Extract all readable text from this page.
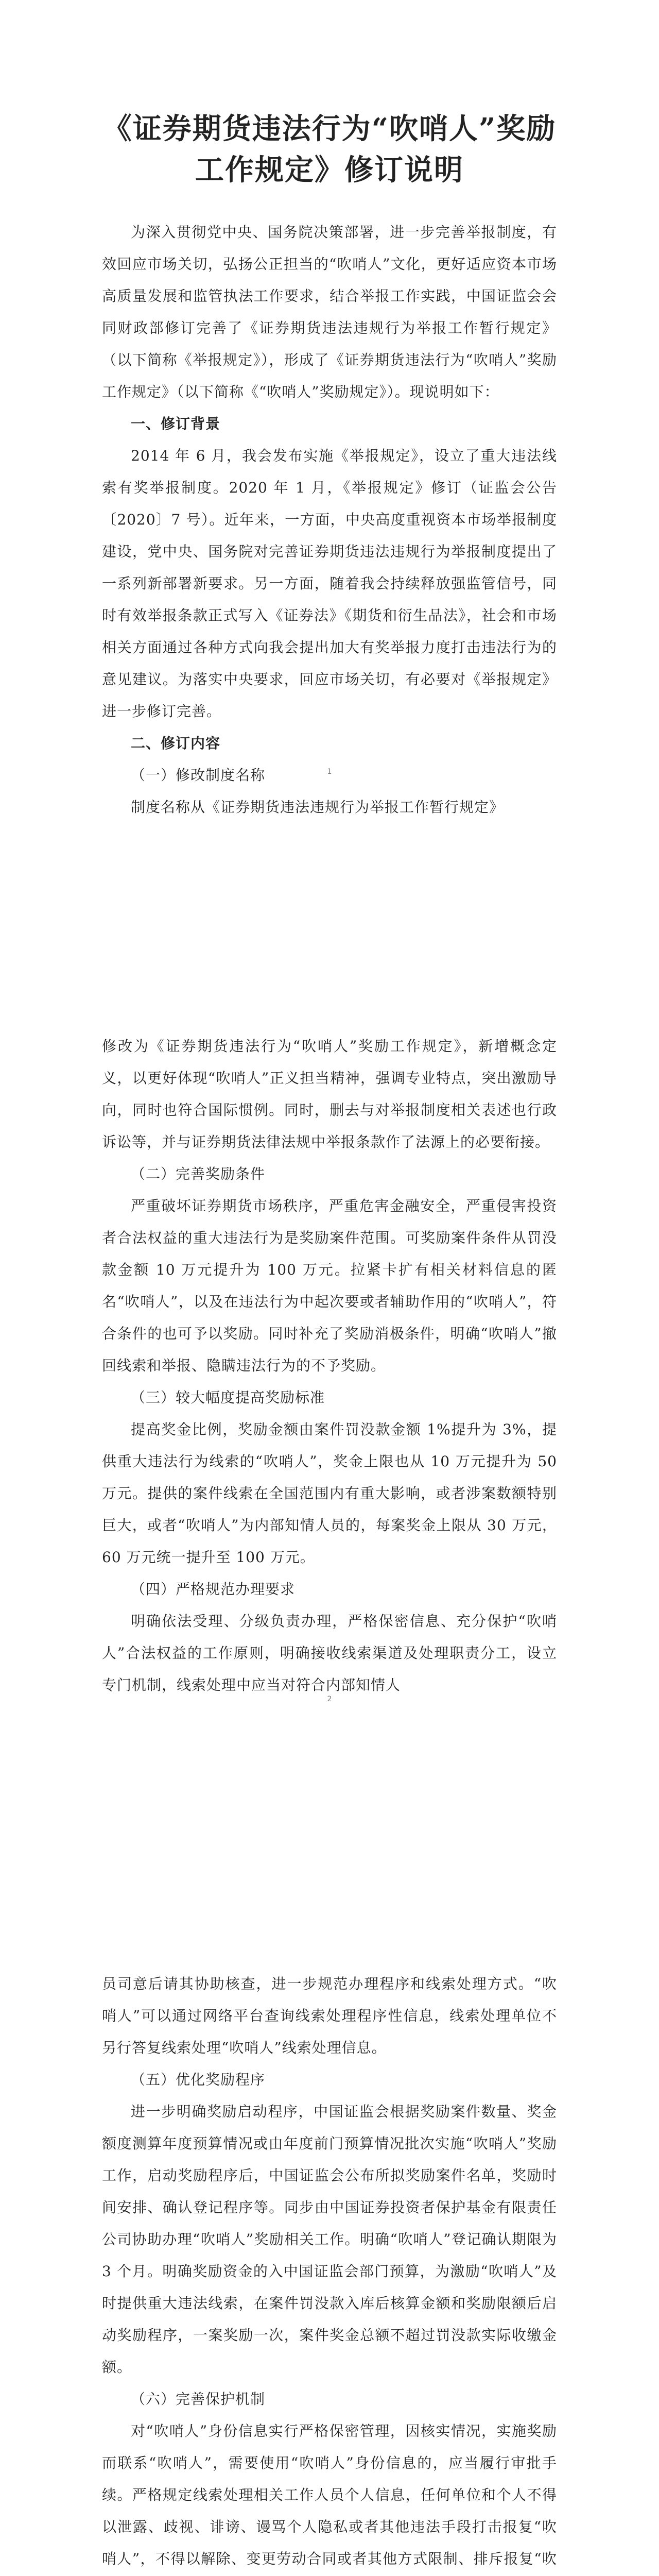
《证券期货违法行为“吹哨人”奖励
工作规定》修订说明

为深入贯彻党中央、国务院决策部署，进一步完善举报制度，有效回应市场关切，弘扬公正担当的“吹哨人”文化，更好适应资本市场高质量发展和监管执法工作要求，结合举报工作实践，中国证监会会同财政部修订完善了《证券期货违法违规行为举报工作暂行规定》（以下简称《举报规定》），形成了《证券期货违法行为“吹哨人”奖励工作规定》（以下简称《“吹哨人”奖励规定》）。现说明如下：

一、修订背景

2014 年 6 月，我会发布实施《举报规定》，设立了重大违法线索有奖举报制度。2020 年 1 月，《举报规定》修订（证监会公告〔2020〕7 号）。近年来，一方面，中央高度重视资本市场举报制度建设，党中央、国务院对完善证券期货违法违规行为举报制度提出了一系列新部署新要求。另一方面，随着我会持续释放强监管信号，同时有效举报条款正式写入《证券法》《期货和衍生品法》，社会和市场相关方面通过各种方式向我会提出加大有奖举报力度打击违法行为的意见建议。为落实中央要求，回应市场关切，有必要对《举报规定》进一步修订完善。

二、修订内容

（一）修改制度名称

制度名称从《证券期货违法违规行为举报工作暂行规定》

1

修改为《证券期货违法行为“吹哨人”奖励工作规定》，新增概念定义，以更好体现“吹哨人”正义担当精神，强调专业特点，突出激励导向，同时也符合国际惯例。同时，删去与对举报制度相关表述也行政诉讼等，并与证券期货法律法规中举报条款作了法源上的必要衔接。

（二）完善奖励条件

严重破坏证券期货市场秩序，严重危害金融安全，严重侵害投资者合法权益的重大违法行为是奖励案件范围。可奖励案件条件从罚没款金额 10 万元提升为 100 万元。拉紧卡扩有相关材料信息的匿名“吹哨人”，以及在违法行为中起次要或者辅助作用的“吹哨人”，符合条件的也可予以奖励。同时补充了奖励消极条件，明确“吹哨人”撤回线索和举报、隐瞒违法行为的不予奖励。

（三）较大幅度提高奖励标准

提高奖金比例，奖励金额由案件罚没款金额 1%提升为 3%，提供重大违法行为线索的“吹哨人”，奖金上限也从 10 万元提升为 50 万元。提供的案件线索在全国范围内有重大影响，或者涉案数额特别巨大，或者“吹哨人”为内部知情人员的，每案奖金上限从 30 万元，60 万元统一提升至 100 万元。

（四）严格规范办理要求

明确依法受理、分级负责办理，严格保密信息、充分保护“吹哨人”合法权益的工作原则，明确接收线索渠道及处理职责分工，设立专门机制，线索处理中应当对符合内部知情人

2

员司意后请其协助核查，进一步规范办理程序和线索处理方式。“吹哨人”可以通过网络平台查询线索处理程序性信息，线索处理单位不另行答复线索处理“吹哨人”线索处理信息。

（五）优化奖励程序

进一步明确奖励启动程序，中国证监会根据奖励案件数量、奖金额度测算年度预算情况或由年度前门预算情况批次实施“吹哨人”奖励工作，启动奖励程序后，中国证监会公布所拟奖励案件名单，奖励时间安排、确认登记程序等。同步由中国证券投资者保护基金有限责任公司协助办理“吹哨人”奖励相关工作。明确“吹哨人”登记确认期限为 3 个月。明确奖励资金的入中国证监会部门预算，为激励“吹哨人”及时提供重大违法线索，在案件罚没款入库后核算金额和奖励限额后启动奖励程序，一案奖励一次，案件奖金总额不超过罚没款实际收缴金额。

（六）完善保护机制

对“吹哨人”身份信息实行严格保密管理，因核实情况，实施奖励而联系“吹哨人”，需要使用“吹哨人”身份信息的，应当履行审批手续。严格规定线索处理相关工作人员个人信息，任何单位和个人不得以泄露、歧视、诽谤、谩骂个人隐私或者其他违法手段打击报复“吹哨人”，不得以解除、变更劳动合同或者其他方式限制、排斥报复“吹
